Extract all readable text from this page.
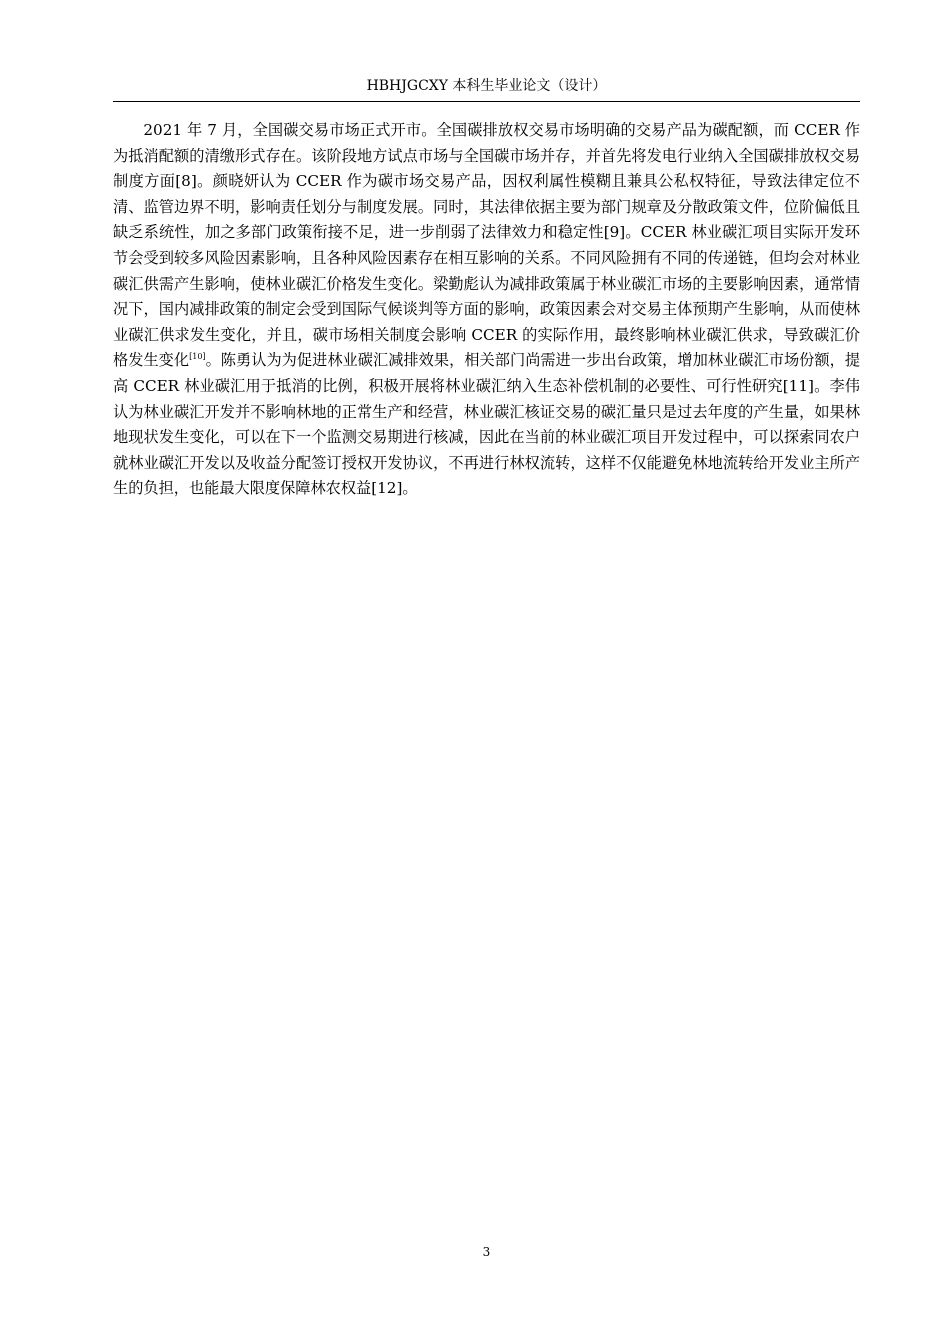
HBHJGCXY 本科生毕业论文（设计）

2021 年 7 月，全国碳交易市场正式开市。全国碳排放权交易市场明确的交易产品为碳配额，而 CCER 作为抵消配额的清缴形式存在。该阶段地方试点市场与全国碳市场并存，并首先将发电行业纳入全国碳排放权交易制度方面[8]。颜晓妍认为 CCER 作为碳市场交易产品，因权利属性模糊且兼具公私权特征，导致法律定位不清、监管边界不明，影响责任划分与制度发展。同时，其法律依据主要为部门规章及分散政策文件，位阶偏低且缺乏系统性，加之多部门政策衔接不足，进一步削弱了法律效力和稳定性[9]。CCER 林业碳汇项目实际开发环节会受到较多风险因素影响，且各种风险因素存在相互影响的关系。不同风险拥有不同的传递链，但均会对林业碳汇供需产生影响，使林业碳汇价格发生变化。梁勤彪认为减排政策属于林业碳汇市场的主要影响因素，通常情况下，国内减排政策的制定会受到国际气候谈判等方面的影响，政策因素会对交易主体预期产生影响，从而使林业碳汇供求发生变化，并且，碳市场相关制度会影响 CCER 的实际作用，最终影响林业碳汇供求，导致碳汇价格发生变化[10]。陈勇认为为促进林业碳汇减排效果，相关部门尚需进一步出台政策，增加林业碳汇市场份额，提高 CCER 林业碳汇用于抵消的比例，积极开展将林业碳汇纳入生态补偿机制的必要性、可行性研究[11]。李伟认为林业碳汇开发并不影响林地的正常生产和经营，林业碳汇核证交易的碳汇量只是过去年度的产生量，如果林地现状发生变化，可以在下一个监测交易期进行核减，因此在当前的林业碳汇项目开发过程中，可以探索同农户就林业碳汇开发以及收益分配签订授权开发协议，不再进行林权流转，这样不仅能避免林地流转给开发业主所产生的负担，也能最大限度保障林农权益[12]。

3
